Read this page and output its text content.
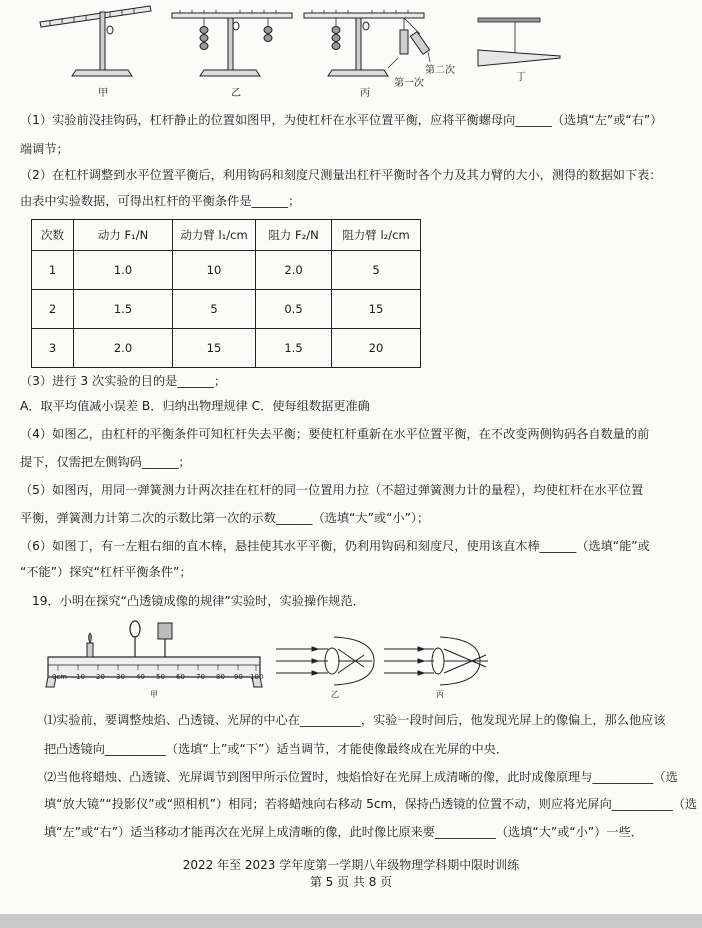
甲	乙	丙
丁
第二次
第一次
（1）实验前没挂钩码，杠杆静止的位置如图甲，为使杠杆在水平位置平衡，应将平衡螺母向______（选填“左”或“右”）
端调节；
（2）在杠杆调整到水平位置平衡后，利用钩码和刻度尺测量出杠杆平衡时各个力及其力臂的大小，测得的数据如下表：
由表中实验数据，可得出杠杆的平衡条件是______；
次数	动力 F₁/N	动力臂 l₁/cm	阻力 F₂/N	阻力臂 l₂/cm
1	1.0	10	2.0	5
2	1.5	5	0.5	15
3	2.0	15	1.5	20
（3）进行 3 次实验的目的是______；
A．取平均值减小误差 B．归纳出物理规律 C．使每组数据更准确
（4）如图乙，由杠杆的平衡条件可知杠杆失去平衡；要使杠杆重新在水平位置平衡，在不改变两侧钩码各自数量的前
提下，仅需把左侧钩码______；
（5）如图丙，用同一弹簧测力计两次挂在杠杆的同一位置用力拉（不超过弹簧测力计的量程），均使杠杆在水平位置
平衡，弹簧测力计第二次的示数比第一次的示数______（选填“大”或“小”）；
（6）如图丁，有一左粗右细的直木棒，悬挂使其水平平衡，仍利用钩码和刻度尺，使用该直木棒______（选填“能”或
“不能”）探究“杠杆平衡条件”；
19．小明在探究“凸透镜成像的规律”实验时，实验操作规范．
0cm 10 20 30 40 50 60 70 80 90 100
甲	乙	丙
⑴实验前，要调整烛焰、凸透镜、光屏的中心在__________，实验一段时间后，他发现光屏上的像偏上，那么他应该
把凸透镜向__________（选填“上”或“下”）适当调节，才能使像最终成在光屏的中央．
⑵当他将蜡烛、凸透镜、光屏调节到图甲所示位置时，烛焰恰好在光屏上成清晰的像，此时成像原理与__________（选
填“放大镜”“投影仪”或“照相机”）相同；若将蜡烛向右移动 5cm，保持凸透镜的位置不动，则应将光屏向__________（选
填“左”或“右”）适当移动才能再次在光屏上成清晰的像，此时像比原来要__________（选填“大”或“小”）一些．
2022 年至 2023 学年度第一学期八年级物理学科期中限时训练
第 5 页 共 8 页
